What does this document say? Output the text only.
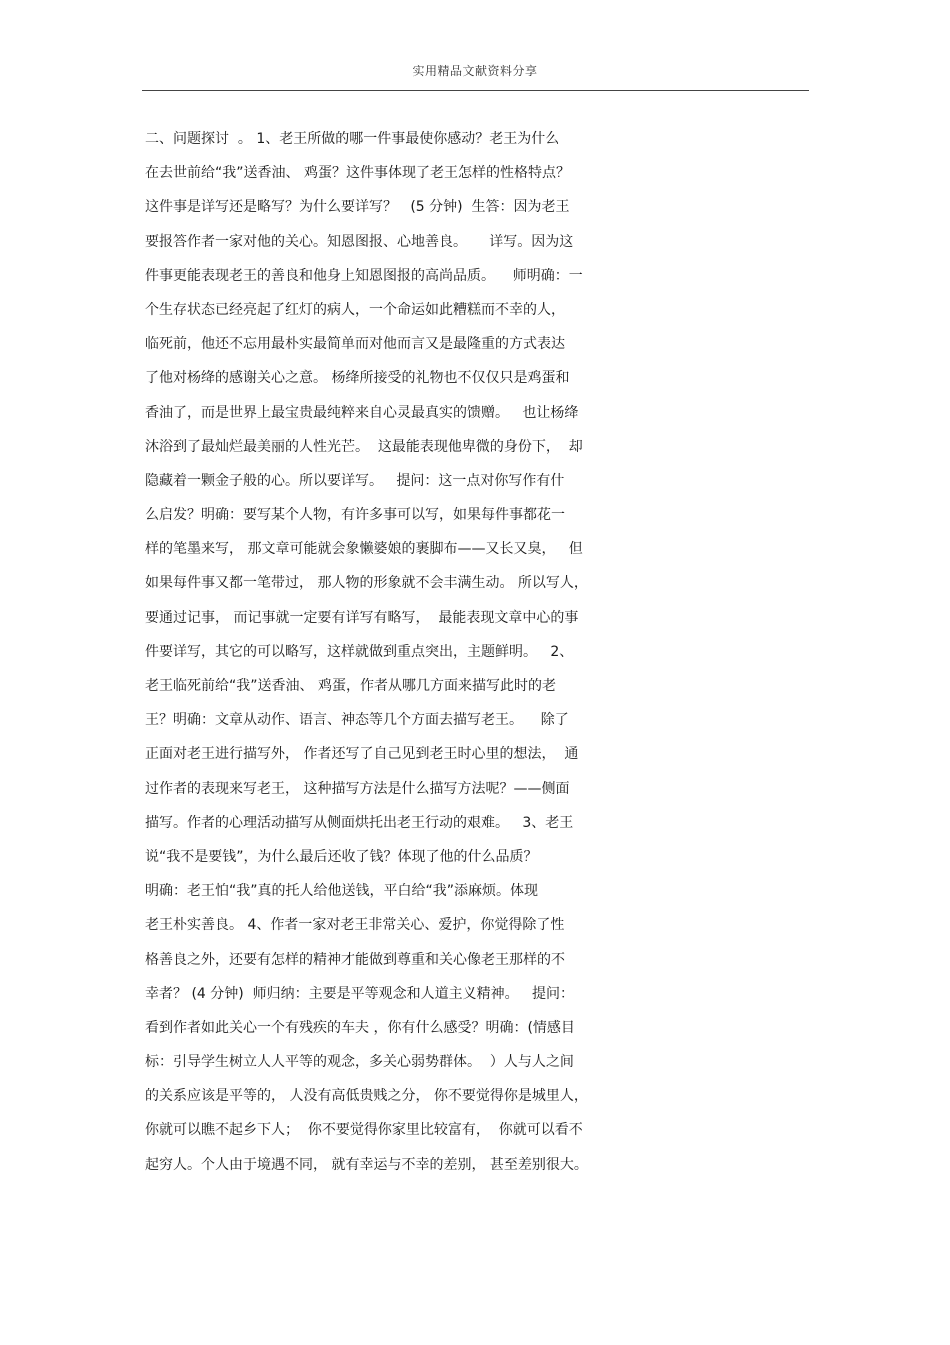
实用精品文献资料分享
二、问题探讨  。 1、老王所做的哪一件事最使你感动？老王为什么
在去世前给“我”送香油、 鸡蛋？这件事体现了老王怎样的性格特点？
这件事是详写还是略写？为什么要详写？   (5 分钟)  生答：因为老王
要报答作者一家对他的关心。知恩图报、心地善良。     详写。因为这
件事更能表现老王的善良和他身上知恩图报的高尚品质。    师明确：一
个生存状态已经亮起了红灯的病人，一个命运如此糟糕而不幸的人，
临死前，他还不忘用最朴实最简单而对他而言又是最隆重的方式表达
了他对杨绛的感谢关心之意。 杨绛所接受的礼物也不仅仅只是鸡蛋和
香油了，而是世界上最宝贵最纯粹来自心灵最真实的馈赠。   也让杨绛
沐浴到了最灿烂最美丽的人性光芒。  这最能表现他卑微的身份下，  却
隐藏着一颗金子般的心。所以要详写。   提问：这一点对你写作有什
么启发？明确：要写某个人物，有许多事可以写，如果每件事都花一
样的笔墨来写， 那文章可能就会象懒婆娘的裹脚布——又长又臭，   但
如果每件事又都一笔带过， 那人物的形象就不会丰满生动。 所以写人，
要通过记事， 而记事就一定要有详写有略写，  最能表现文章中心的事
件要详写，其它的可以略写，这样就做到重点突出，主题鲜明。   2、
老王临死前给“我”送香油、 鸡蛋，作者从哪几方面来描写此时的老
王？明确：文章从动作、语言、神态等几个方面去描写老王。    除了
正面对老王进行描写外， 作者还写了自己见到老王时心里的想法，  通
过作者的表现来写老王， 这种描写方法是什么描写方法呢？——侧面
描写。作者的心理活动描写从侧面烘托出老王行动的艰难。   3、老王
说“我不是要钱”，为什么最后还收了钱？体现了他的什么品质？
明确：老王怕“我”真的托人给他送钱，平白给“我”添麻烦。体现
老王朴实善良。 4、作者一家对老王非常关心、爱护，你觉得除了性
格善良之外，还要有怎样的精神才能做到尊重和关心像老王那样的不
幸者？ (4 分钟)  师归纳：主要是平等观念和人道主义精神。   提问：
看到作者如此关心一个有残疾的车夫 ，你有什么感受？明确：(情感目
标：引导学生树立人人平等的观念，多关心弱势群体。  ）人与人之间
的关系应该是平等的， 人没有高低贵贱之分， 你不要觉得你是城里人，
你就可以瞧不起乡下人；  你不要觉得你家里比较富有，  你就可以看不
起穷人。个人由于境遇不同， 就有幸运与不幸的差别， 甚至差别很大。
